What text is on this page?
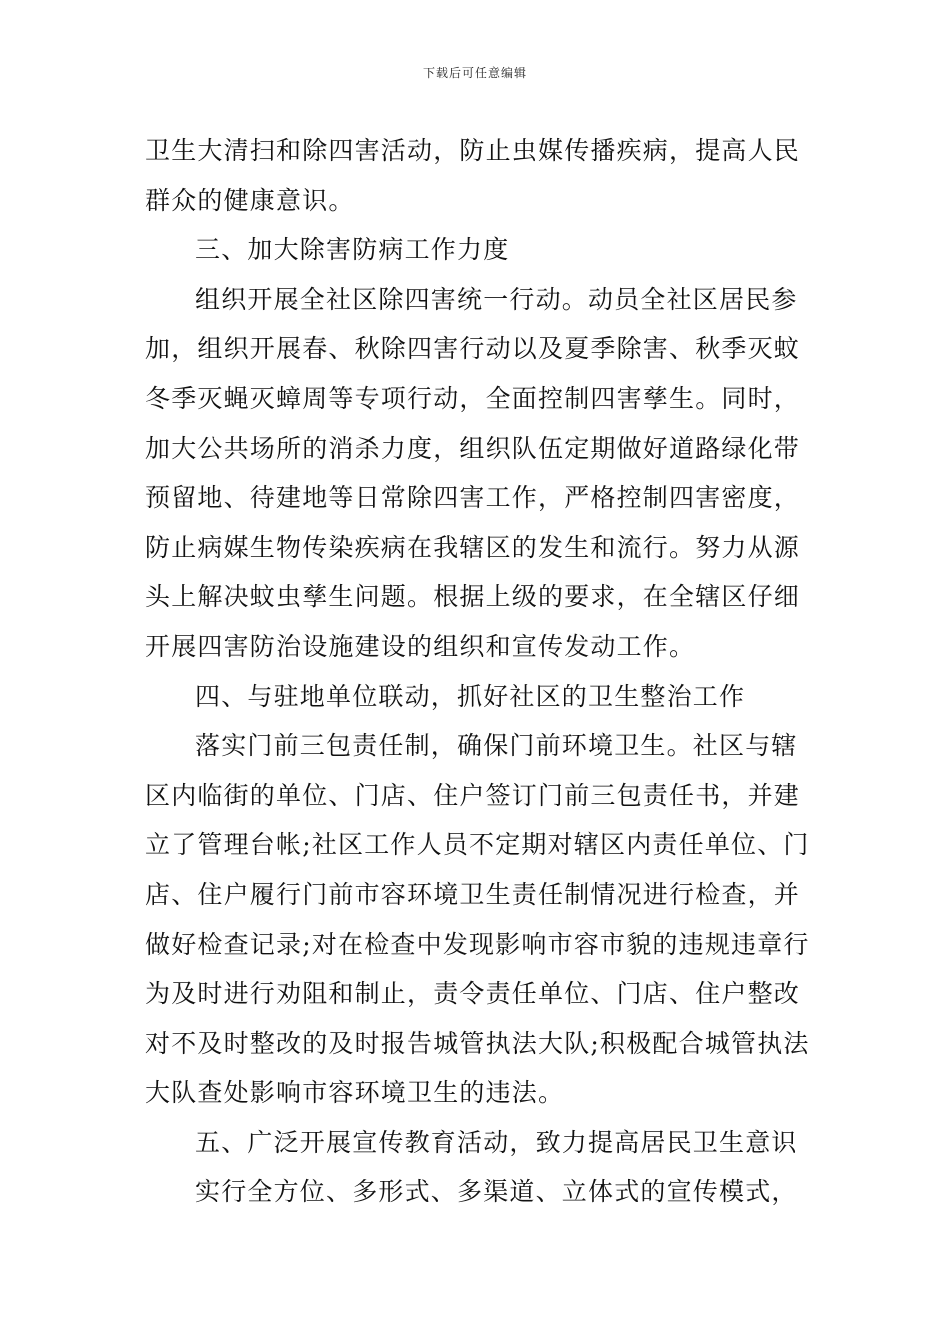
下载后可任意编辑
卫生大清扫和除四害活动，防止虫媒传播疾病，提高人民
群众的健康意识。
三、加大除害防病工作力度
组织开展全社区除四害统一行动。动员全社区居民参
加，组织开展春、秋除四害行动以及夏季除害、秋季灭蚊
冬季灭蝇灭蟑周等专项行动，全面控制四害孳生。同时，
加大公共场所的消杀力度，组织队伍定期做好道路绿化带
预留地、待建地等日常除四害工作，严格控制四害密度，
防止病媒生物传染疾病在我辖区的发生和流行。努力从源
头上解决蚊虫孳生问题。根据上级的要求，在全辖区仔细
开展四害防治设施建设的组织和宣传发动工作。
四、与驻地单位联动，抓好社区的卫生整治工作
落实门前三包责任制，确保门前环境卫生。社区与辖
区内临街的单位、门店、住户签订门前三包责任书，并建
立了管理台帐;社区工作人员不定期对辖区内责任单位、门
店、住户履行门前市容环境卫生责任制情况进行检查，并
做好检查记录;对在检查中发现影响市容市貌的违规违章行
为及时进行劝阻和制止，责令责任单位、门店、住户整改
对不及时整改的及时报告城管执法大队;积极配合城管执法
大队查处影响市容环境卫生的违法。
五、广泛开展宣传教育活动，致力提高居民卫生意识
实行全方位、多形式、多渠道、立体式的宣传模式，
